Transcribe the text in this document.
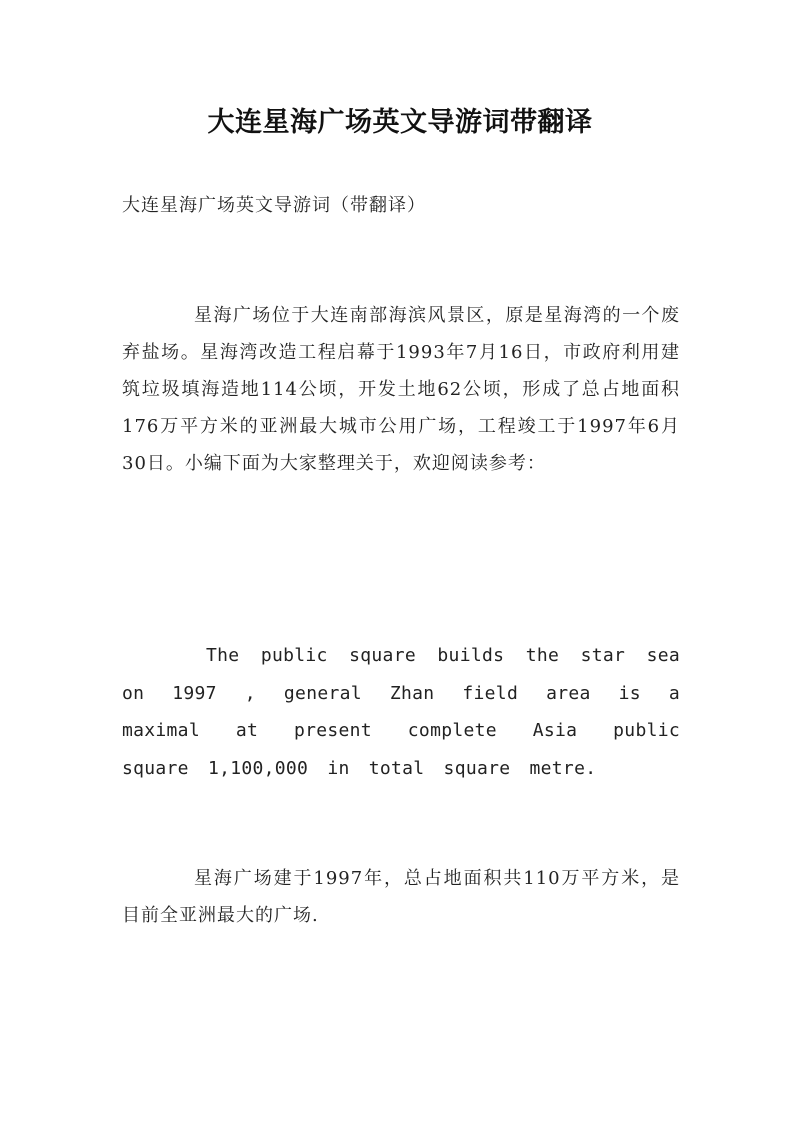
大连星海广场英文导游词带翻译
大连星海广场英文导游词（带翻译）
星海广场位于大连南部海滨风景区，原是星海湾的一个废弃盐场。星海湾改造工程启幕于1993年7月16日，市政府利用建筑垃圾填海造地114公顷，开发土地62公顷，形成了总占地面积176万平方米的亚洲最大城市公用广场，工程竣工于1997年6月30日。小编下面为大家整理关于，欢迎阅读参考：
The public square builds the star sea on 1997 , general Zhan field area is a maximal at present complete Asia public square 1,100,000 in total square metre.
星海广场建于1997年，总占地面积共110万平方米，是目前全亚洲最大的广场.
